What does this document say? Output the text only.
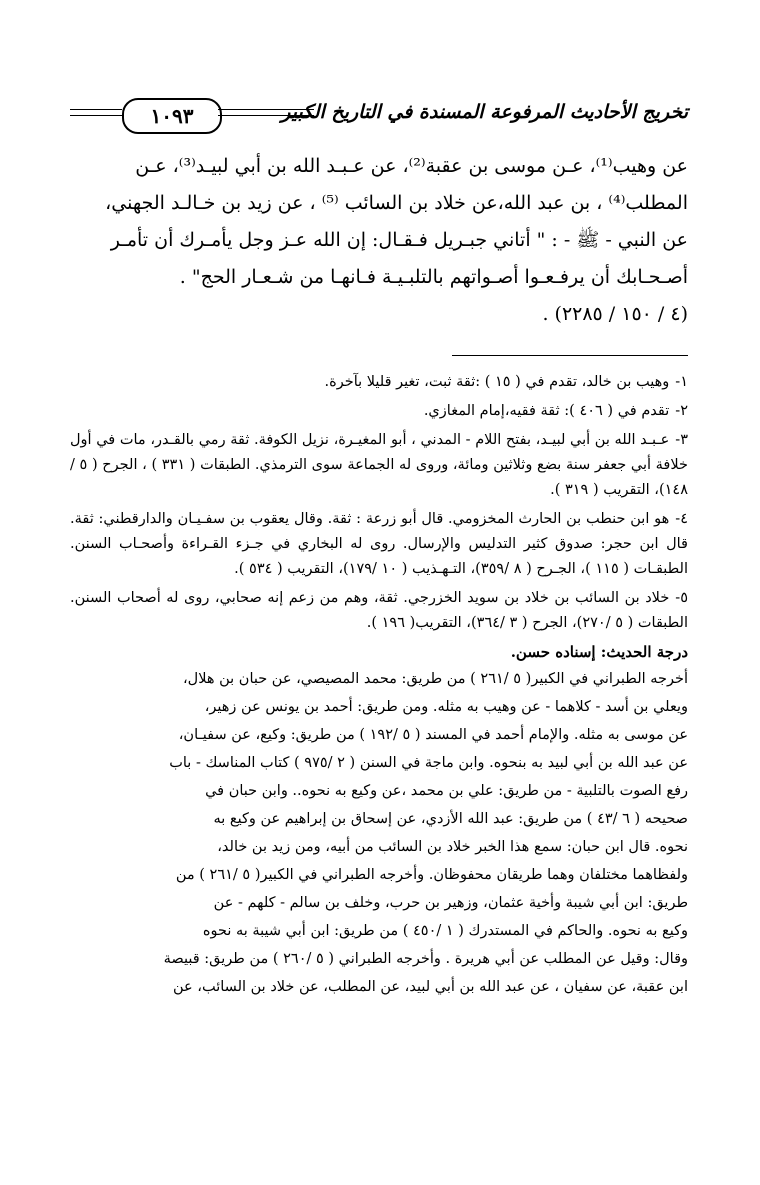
تخريج الأحاديث المرفوعة المسندة في التاريخ الكبير
١٠٩٣

عن وهيب⁽¹⁾، عـن موسى بن عقبة⁽²⁾، عن عـبـد الله بن أبي لبيـد⁽³⁾، عـن

المطلب⁽⁴⁾ ، بن عبد الله،عن خلاد بن السائب ⁽⁵⁾ ، عن زيد بن خـالـد الجهني،

عن النبي - ﷺ - : " أتاني جبـريل فـقـال: إن الله عـز وجل يأمـرك أن تأمـر

أصـحـابك أن يرفـعـوا أصـواتهم بالتلبـيـة فـانهـا من شـعـار الحج" .

(٤ / ١٥٠ / ٢٢٨٥) .

١-وهيب بن خالد، تقدم في ( ١٥ ) :ثقة ثبت، تغير قليلا بآخرة.

٢-تقدم في ( ٤٠٦ ): ثقة فقيه،إمام المغازي.

٣-عـبـد الله بن أبي لبيـد، بفتح اللام - المدني ، أبو المغيـرة، نزيل الكوفة. ثقة رمي بالقـدر، مات في أول خلافة أبي جعفر سنة بضع وثلاثين ومائة، وروى له الجماعة سوى الترمذي. الطبقات ( ٣٣١ ) ، الجرح ( ٥ /١٤٨)، التقريب ( ٣١٩ ).

٤-هو ابن حنطب بن الحارث المخزومي. قال أبو زرعة : ثقة. وقال يعقوب بن سفـيـان والدارقطني: ثقة. قال ابن حجر: صدوق كثير التدليس والإرسال. روى له البخاري في جـزء القـراءة وأصحـاب السنن. الطبقـات ( ١١٥ )، الجـرح ( ٨ /٣٥٩)، التـهـذيب ( ١٠ /١٧٩)، التقريب ( ٥٣٤ ).

٥-خلاد بن السائب بن خلاد بن سويد الخزرجي. ثقة، وهم من زعم إنه صحابي، روى له أصحاب السنن. الطبقات ( ٥ /٢٧٠)، الجرح ( ٣ /٣٦٤)، التقريب( ١٩٦ ).

درجة الحديث: إسناده حسن.

أخرجه الطبراني في الكبير( ٥ /٢٦١ ) من طريق: محمد المصيصي، عن حبان بن هلال،

ويعلي بن أسد - كلاهما - عن وهيب به مثله. ومن طريق: أحمد بن يونس عن زهير،

عن موسى به مثله. والإمام أحمد في المسند ( ٥ /١٩٢ ) من طريق: وكيع، عن سفيـان،

عن عبد الله بن أبي لبيد به بنحوه. وابن ماجة في السنن ( ٢ /٩٧٥ ) كتاب المناسك - باب

رفع الصوت بالتلبية - من طريق: علي بن محمد ،عن وكيع به نحوه.. وابن حبان في

صحيحه ( ٦ /٤٣ ) من طريق: عبد الله الأزدي، عن إسحاق بن إبراهيم عن وكيع به

نحوه. قال ابن حبان: سمع هذا الخبر خلاد بن السائب من أبيه، ومن زيد بن خالد،

ولفظاهما مختلفان وهما طريقان محفوظان. وأخرجه الطبراني في الكبير( ٥ /٢٦١ ) من

طريق: ابن أبي شيبة وأخية عثمان، وزهير بن حرب، وخلف بن سالم - كلهم - عن

وكيع به نحوه. والحاكم في المستدرك ( ١ /٤٥٠ ) من طريق: ابن أبي شيبة به نحوه

وقال: وقيل عن المطلب عن أبي هريرة . وأخرجه الطبراني ( ٥ /٢٦٠ ) من طريق: قبيصة

ابن عقبة، عن سفيان ، عن عبد الله بن أبي لبيد، عن المطلب، عن خلاد بن السائب، عن
